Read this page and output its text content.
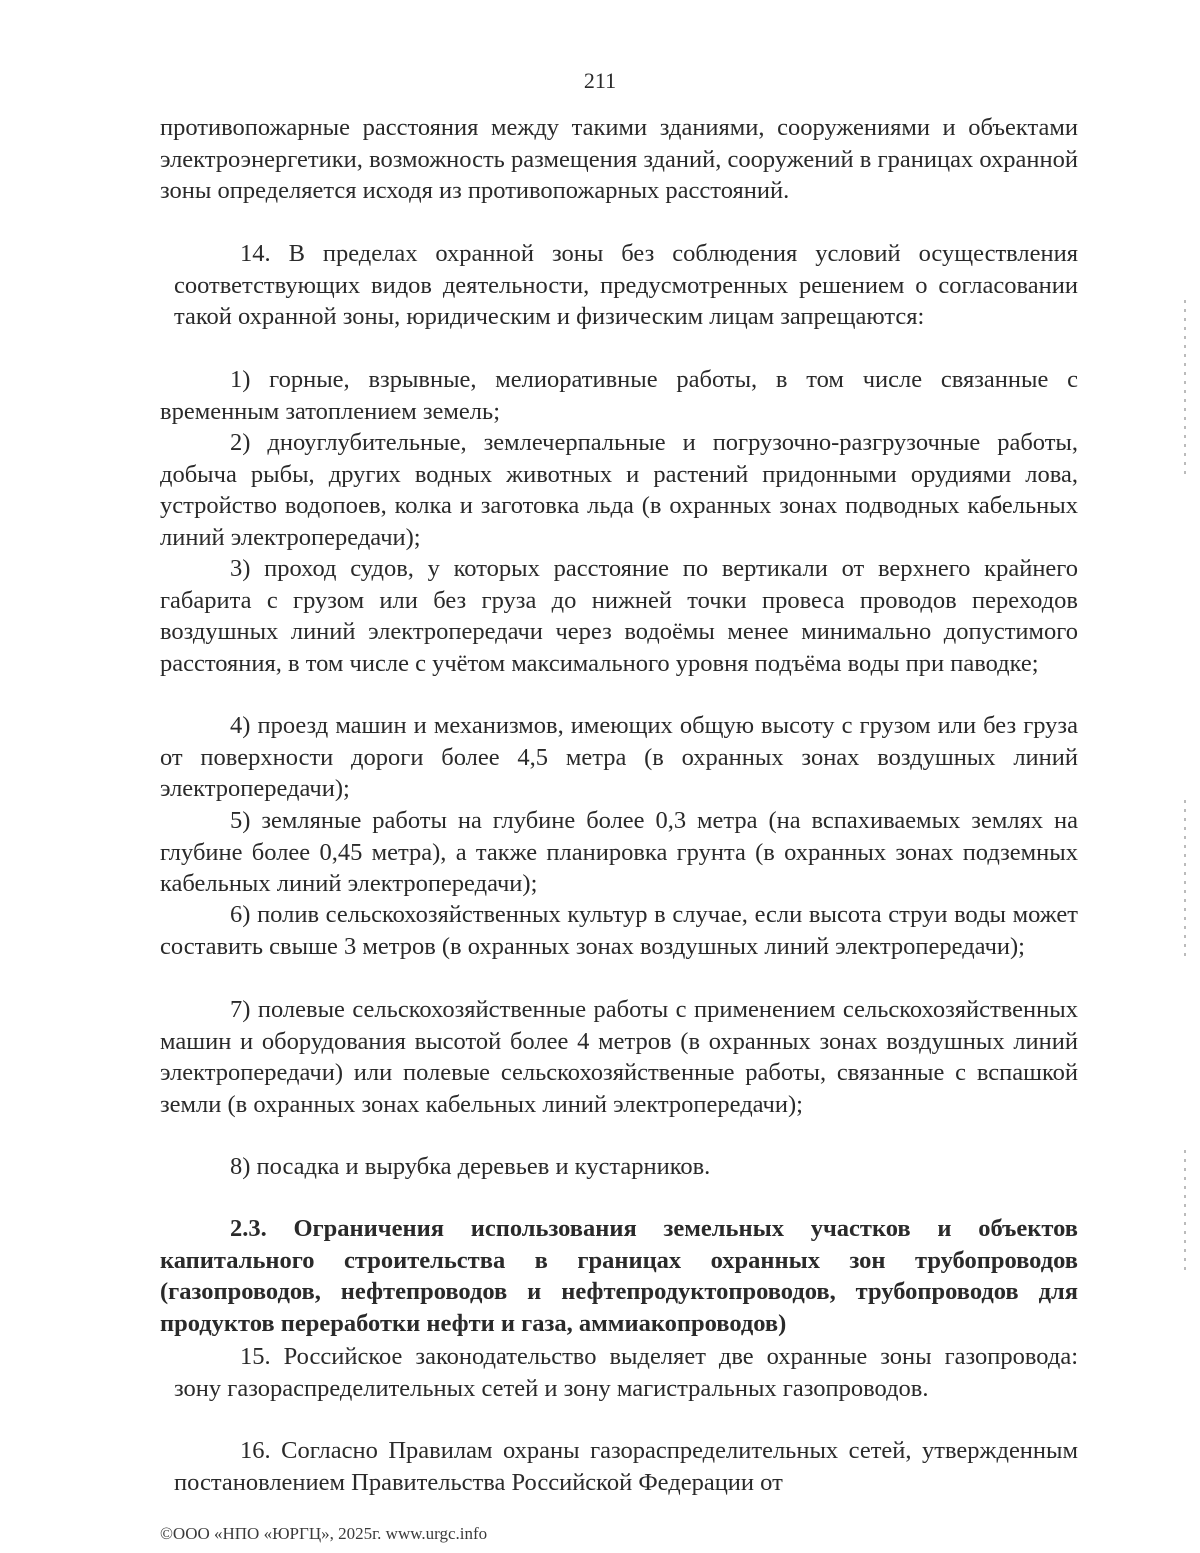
211
противопожарные расстояния между такими зданиями, сооружениями и объектами электроэнергетики, возможность размещения зданий, сооружений в границах охранной зоны определяется исходя из противопожарных расстояний.
14. В пределах охранной зоны без соблюдения условий осуществления соответствующих видов деятельности, предусмотренных решением о согласовании такой охранной зоны, юридическим и физическим лицам запрещаются:
1) горные, взрывные, мелиоративные работы, в том числе связанные с временным затоплением земель;
2) дноуглубительные, землечерпальные и погрузочно-разгрузочные работы, добыча рыбы, других водных животных и растений придонными орудиями лова, устройство водопоев, колка и заготовка льда (в охранных зонах подводных кабельных линий электропередачи);
3) проход судов, у которых расстояние по вертикали от верхнего крайнего габарита с грузом или без груза до нижней точки провеса проводов переходов воздушных линий электропередачи через водоёмы менее минимально допустимого расстояния, в том числе с учётом максимального уровня подъёма воды при паводке;
4) проезд машин и механизмов, имеющих общую высоту с грузом или без груза от поверхности дороги более 4,5 метра (в охранных зонах воздушных линий электропередачи);
5) земляные работы на глубине более 0,3 метра (на вспахиваемых землях на глубине более 0,45 метра), а также планировка грунта (в охранных зонах подземных кабельных линий электропередачи);
6) полив сельскохозяйственных культур в случае, если высота струи воды может составить свыше 3 метров (в охранных зонах воздушных линий электропередачи);
7) полевые сельскохозяйственные работы с применением сельскохозяйственных машин и оборудования высотой более 4 метров (в охранных зонах воздушных линий электропередачи) или полевые сельскохозяйственные работы, связанные с вспашкой земли (в охранных зонах кабельных линий электропередачи);
8) посадка и вырубка деревьев и кустарников.
2.3. Ограничения использования земельных участков и объектов капитального строительства в границах охранных зон трубопроводов (газопроводов, нефтепроводов и нефтепродуктопроводов, трубопроводов для продуктов переработки нефти и газа, аммиакопроводов)
15. Российское законодательство выделяет две охранные зоны газопровода: зону газораспределительных сетей и зону магистральных газопроводов.
16. Согласно Правилам охраны газораспределительных сетей, утвержденным постановлением Правительства Российской Федерации от
©ООО «НПО «ЮРГЦ», 2025г. www.urgc.info
